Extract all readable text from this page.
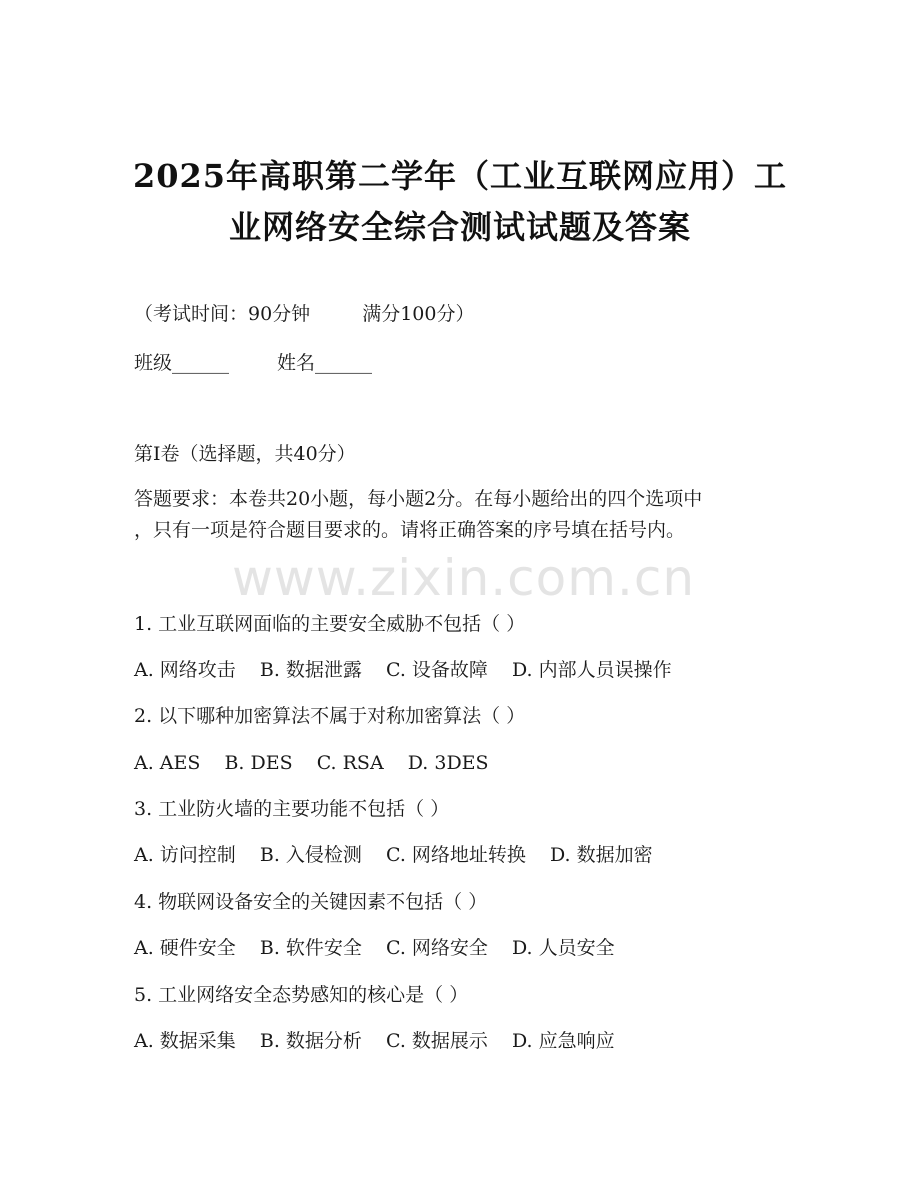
2025年高职第二学年（工业互联网应用）工
业网络安全综合测试试题及答案
（考试时间：90分钟	满分100分）
班级______	姓名______
第Ⅰ卷（选择题，共40分）
答题要求：本卷共20小题，每小题2分。在每小题给出的四个选项中
，只有一项是符合题目要求的。请将正确答案的序号填在括号内。
www.zixin.com.cn
1. 工业互联网面临的主要安全威胁不包括（ ）
A. 网络攻击 B. 数据泄露 C. 设备故障 D. 内部人员误操作
2. 以下哪种加密算法不属于对称加密算法（ ）
A. AES B. DES C. RSA D. 3DES
3. 工业防火墙的主要功能不包括（ ）
A. 访问控制 B. 入侵检测 C. 网络地址转换 D. 数据加密
4. 物联网设备安全的关键因素不包括（ ）
A. 硬件安全 B. 软件安全 C. 网络安全 D. 人员安全
5. 工业网络安全态势感知的核心是（ ）
A. 数据采集 B. 数据分析 C. 数据展示 D. 应急响应
